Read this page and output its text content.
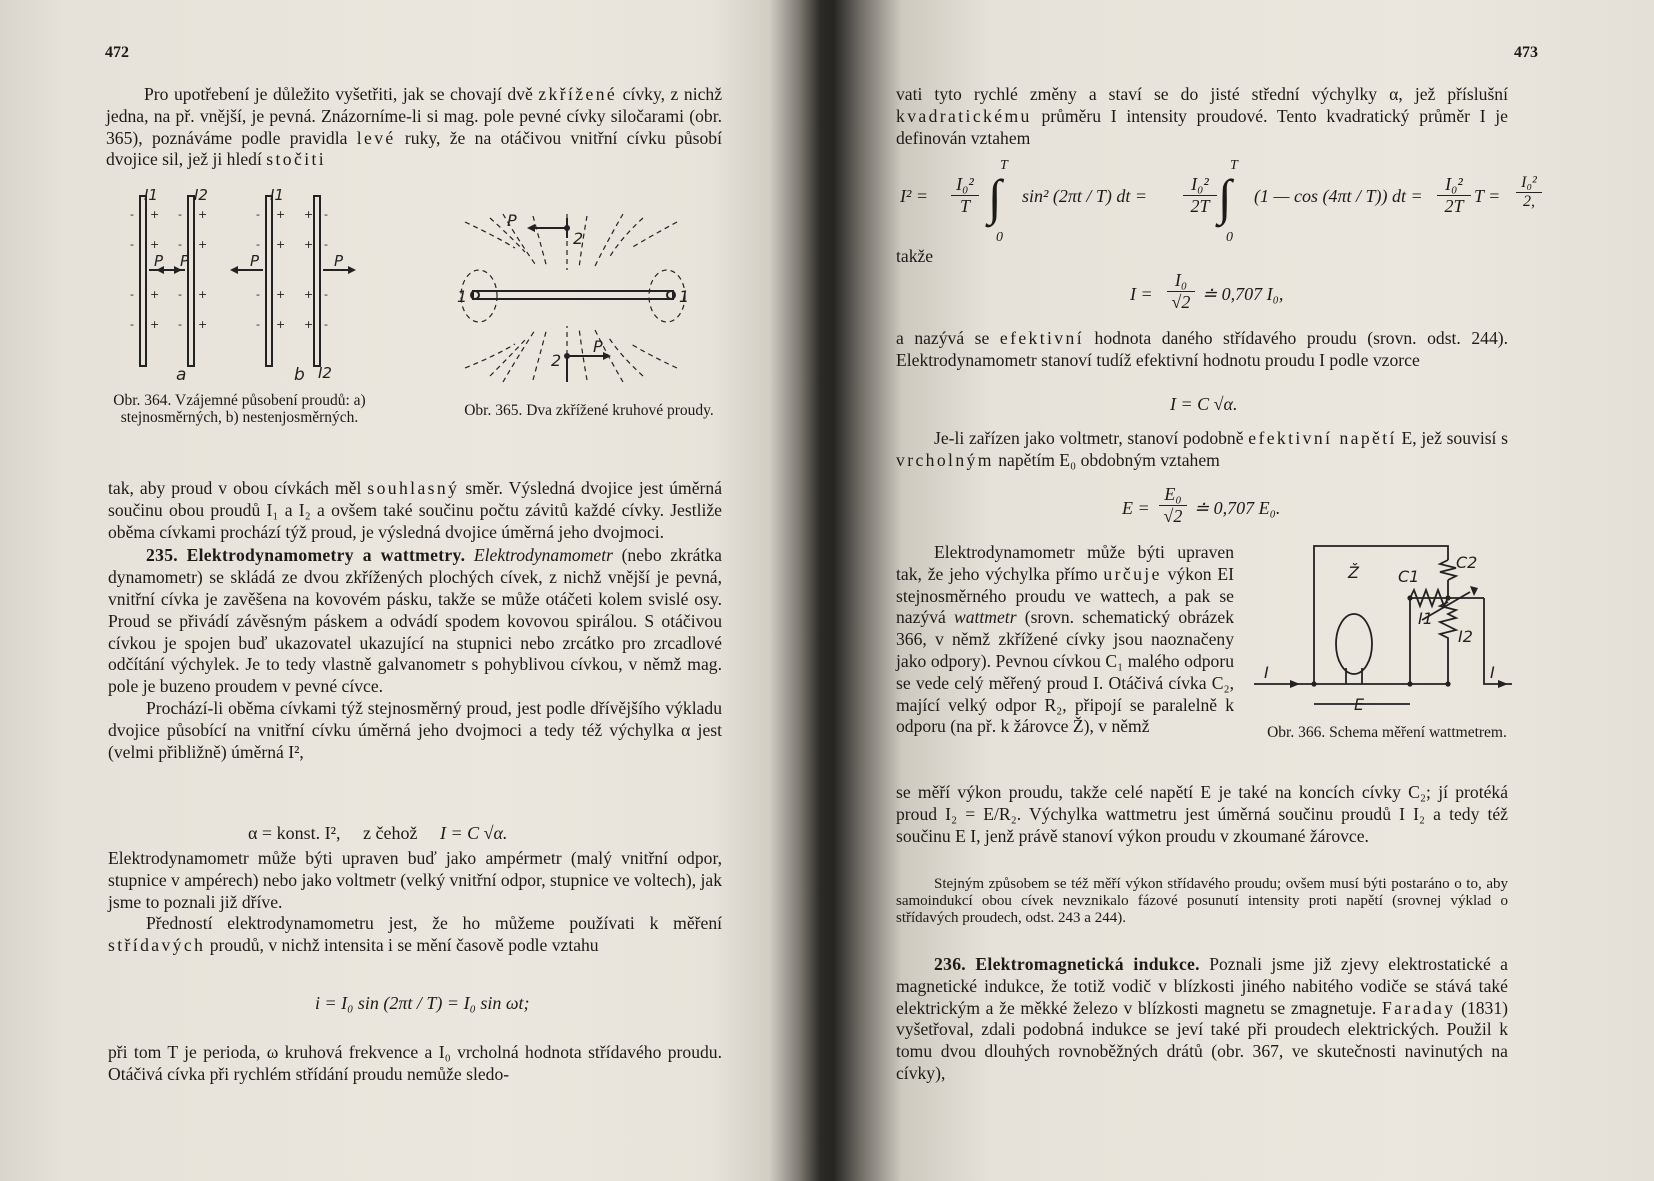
472

Pro upotřebení je důležito vyšetřiti, jak se chovají dvě zkřížené cívky, z nichž jedna, na př. vnější, je pevná. Znázorníme-li si mag. pole pevné cívky siločarami (obr. 365), poznáváme podle pravidla levé ruky, že na otáčivou vnitřní cívku působí dvojice sil, jež ji hledí stočiti

- + - +
- + - +
- + - +
- + - +
- + + -
- + + -
- + + -
- + + -
I1 I2	I1
P P	P	P
a	b I2
Obr. 364. Vzájemné působení proudů: a) stejnosměrných, b) nestenjosměrných.
P
2
1	1
2
P
Obr. 365. Dva zkřížené kruhové proudy.

tak, aby proud v obou cívkách měl souhlasný směr. Výsledná dvojice jest úměrná součinu obou proudů I₁ a I₂ a ovšem také součinu počtu závitů každé cívky. Jestliže oběma cívkami prochází týž proud, je výsledná dvojice úměrná jeho dvojmoci.

235. Elektrodynamometry a wattmetry. Elektrodynamometr (nebo zkrátka dynamometr) se skládá ze dvou zkřížených plochých cívek, z nichž vnější je pevná, vnitřní cívka je zavěšena na kovovém pásku, takže se může otáčeti kolem svislé osy. Proud se přivádí závěsným páskem a odvádí spodem kovovou spirálou. S otáčivou cívkou je spojen buď ukazovatel ukazující na stupnici nebo zrcátko pro zrcadlové odčítání výchylek. Je to tedy vlastně galvanometr s pohyblivou cívkou, v němž mag. pole je buzeno proudem v pevné cívce.

Prochází-li oběma cívkami týž stejnosměrný proud, jest podle dřívějšího výkladu dvojice působící na vnitřní cívku úměrná jeho dvojmoci a tedy též výchylka α jest (velmi přibližně) úměrná I²,

α = konst. I², z čehož I = C √α.

Elektrodynamometr může býti upraven buď jako ampérmetr (malý vnitřní odpor, stupnice v ampérech) nebo jako voltmetr (velký vnitřní odpor, stupnice ve voltech), jak jsme to poznali již dříve.

Předností elektrodynamometru jest, že ho můžeme používati k měření střídavých proudů, v nichž intensita i se mění časově podle vztahu

i = I₀ sin (2πt / T) = I₀ sin ωt;

při tom T je perioda, ω kruhová frekvence a I₀ vrcholná hodnota střídavého proudu. Otáčivá cívka při rychlém střídání proudu nemůže sledo-

473

vati tyto rychlé změny a staví se do jisté střední výchylky α, jež příslušní kvadratickému průměru I intensity proudové. Tento kvadratický průměr I je definován vztahem

I² =
I₀²
T
T
∫
0
sin² (2πt / T) dt =
I₀²
2T
T
∫
0
(1 — cos (4πt / T)) dt =
I₀²
2T T =
I₀²
2,
takže
I =
I₀
√2 ≐ 0,707 I₀,

a nazývá se efektivní hodnota daného střídavého proudu (srovn. odst. 244). Elektrodynamometr stanoví tudíž efektivní hodnotu proudu I podle vzorce

I = C √α.

Je-li zařízen jako voltmetr, stanoví podobně efektivní napětí E, jež souvisí s vrcholným napětím E₀ obdobným vztahem

E =
E₀
√2 ≐ 0,707 E₀.

Elektrodynamometr může býti upraven tak, že jeho výchylka přímo určuje výkon EI stejnosměrného proudu ve wattech, a pak se nazývá wattmetr (srovn. schematický obrázek 366, v němž zkřížené cívky jsou naoznačeny jako odpory). Pevnou cívkou C₁ malého odporu se vede celý měřený proud I. Otáčivá cívka C₂, mající velký odpor R₂, připojí se paralelně k odporu (na př. k žárovce Ž), v němž

Ž C1
C2
I1
I2
I	I
E
Obr. 366. Schema měření wattmetrem.
se měří výkon proudu, takže celé napětí E je také na koncích cívky C₂; jí protéká proud I₂ = E/R₂. Výchylka wattmetru jest úměrná součinu proudů I I₂ a tedy též součinu E I, jenž právě stanoví výkon proudu v zkoumané žárovce.
Stejným způsobem se též měří výkon střídavého proudu; ovšem musí býti postaráno o to, aby samoindukcí obou cívek nevznikalo fázové posunutí intensity proti napětí (srovnej výklad o střídavých proudech, odst. 243 a 244).

236. Elektromagnetická indukce. Poznali jsme již zjevy elektrostatické a magnetické indukce, že totiž vodič v blízkosti jiného nabitého vodiče se stává také elektrickým a že měkké železo v blízkosti magnetu se zmagnetuje. Faraday (1831) vyšetřoval, zdali podobná indukce se jeví také při proudech elektrických. Použil k tomu dvou dlouhých rovnoběžných drátů (obr. 367, ve skutečnosti navinutých na cívky),
